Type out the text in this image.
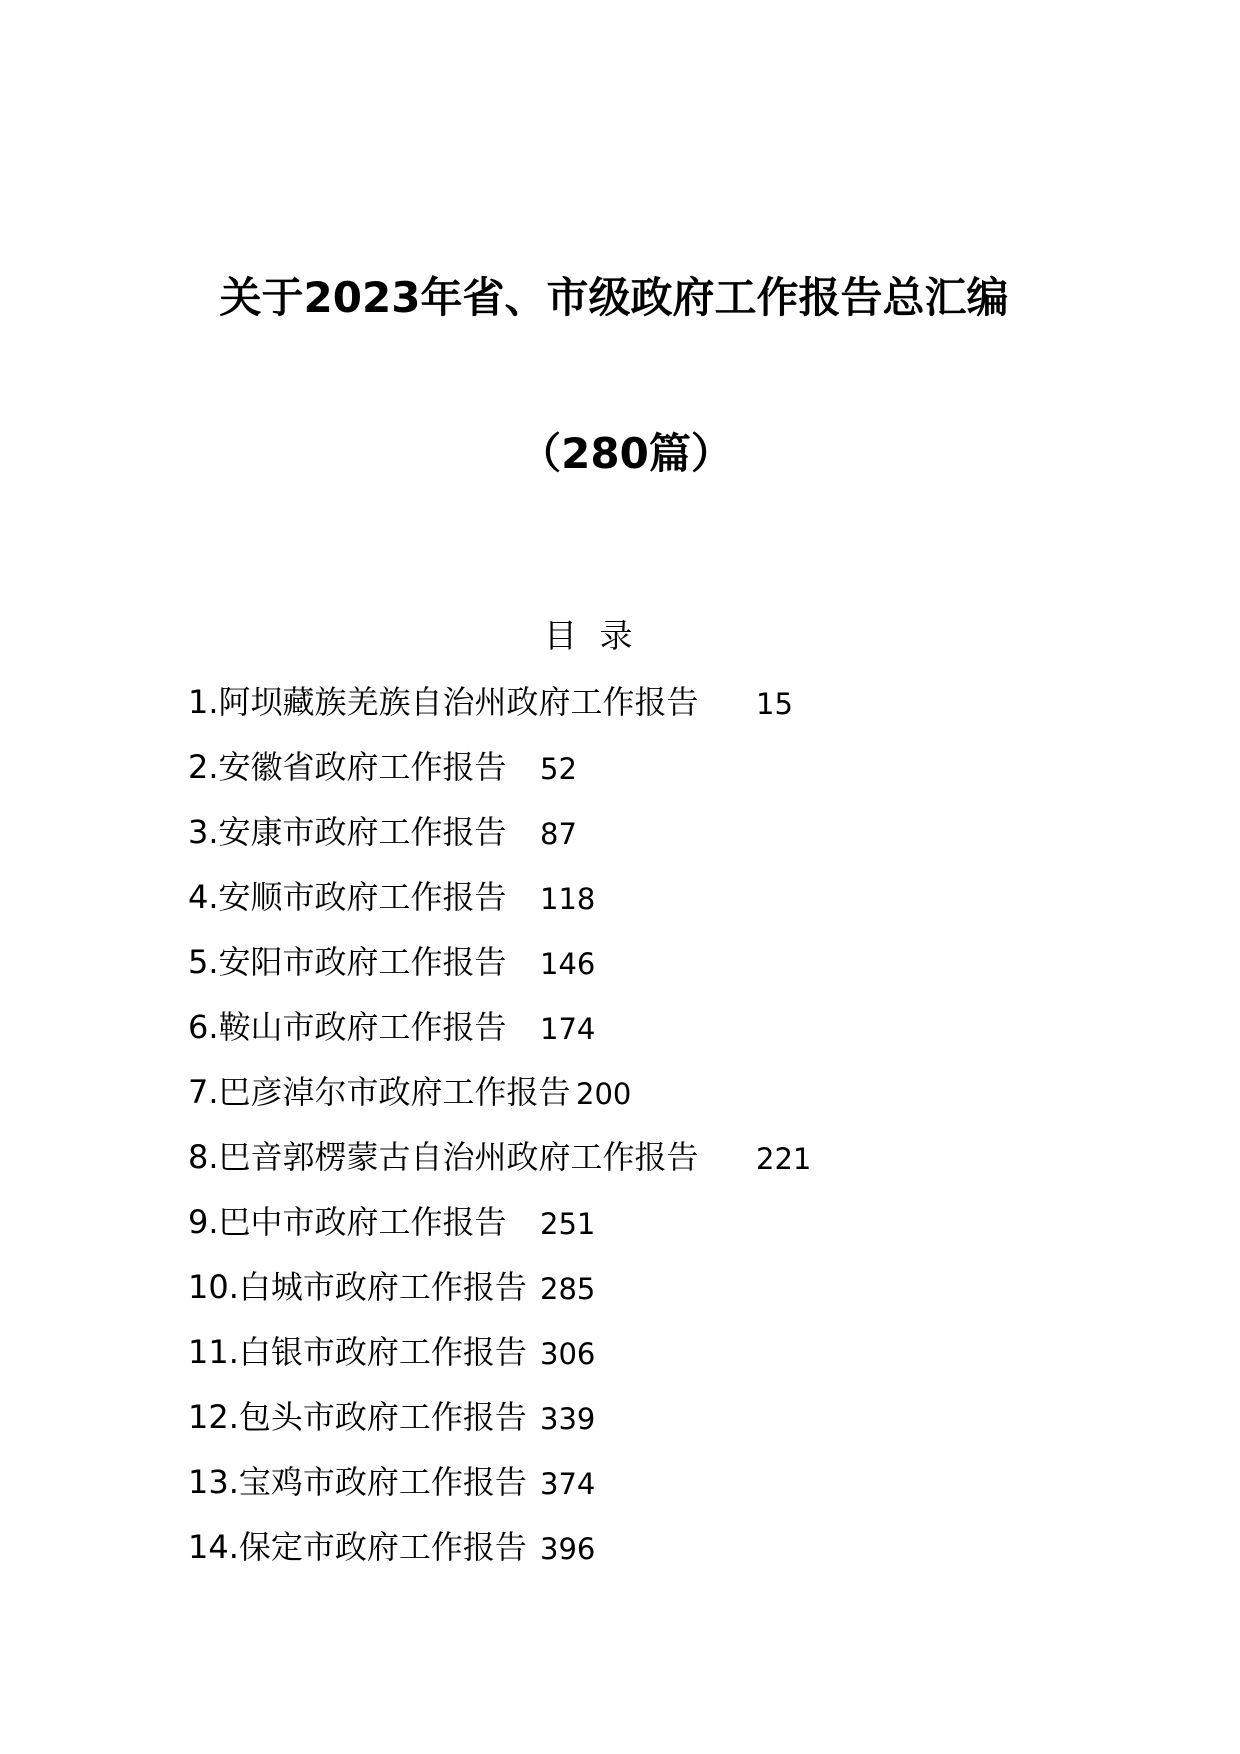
关于2023年省、市级政府工作报告总汇编
（280篇）
目 录
1.阿坝藏族羌族自治州政府工作报告 15
2.安徽省政府工作报告 52
3.安康市政府工作报告 87
4.安顺市政府工作报告 118
5.安阳市政府工作报告 146
6.鞍山市政府工作报告 174
7.巴彦淖尔市政府工作报告 200
8.巴音郭楞蒙古自治州政府工作报告 221
9.巴中市政府工作报告 251
10.白城市政府工作报告 285
11.白银市政府工作报告 306
12.包头市政府工作报告 339
13.宝鸡市政府工作报告 374
14.保定市政府工作报告 396
